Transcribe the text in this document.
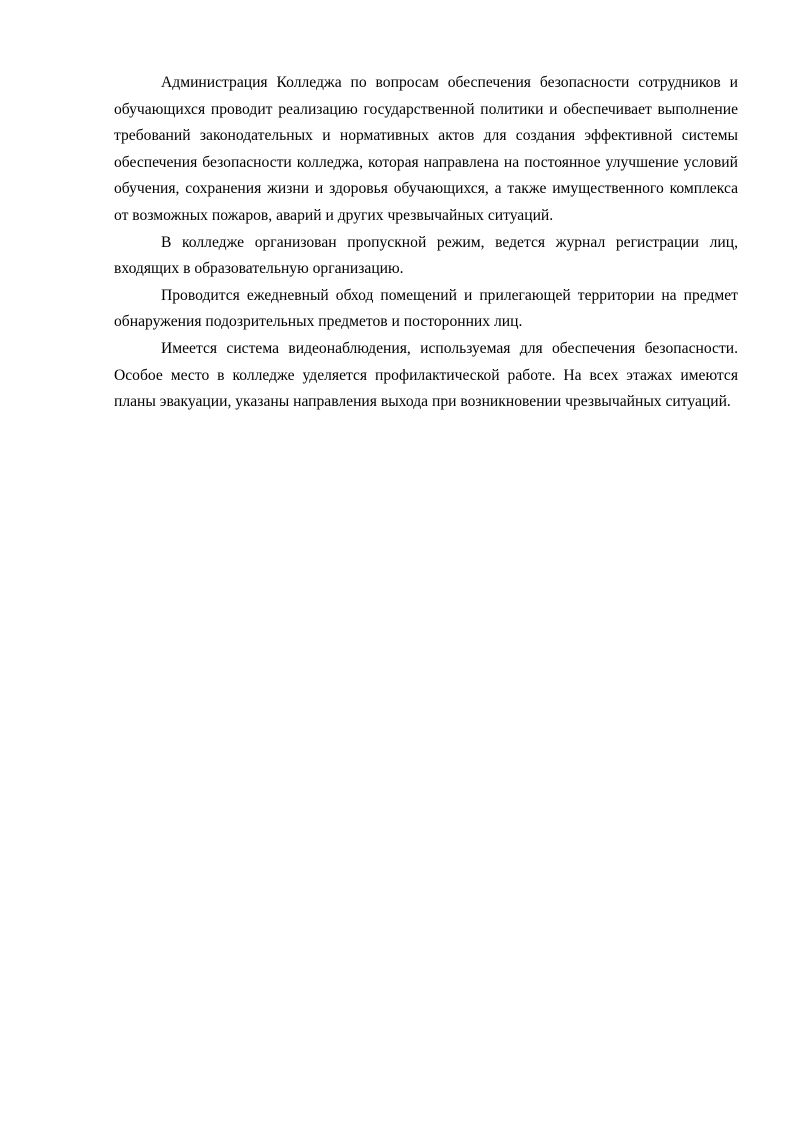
Администрация Колледжа по вопросам обеспечения безопасности сотрудников и обучающихся проводит реализацию государственной политики и обеспечивает выполнение требований законодательных и нормативных актов для создания эффективной системы обеспечения безопасности колледжа, которая направлена на постоянное улучшение условий обучения, сохранения жизни и здоровья обучающихся, а также имущественного комплекса от возможных пожаров, аварий и других чрезвычайных ситуаций.

В колледже организован пропускной режим, ведется журнал регистрации лиц, входящих в образовательную организацию.

Проводится ежедневный обход помещений и прилегающей территории на предмет обнаружения подозрительных предметов и посторонних лиц.

Имеется система видеонаблюдения, используемая для обеспечения безопасности. Особое место в колледже уделяется профилактической работе. На всех этажах имеются планы эвакуации, указаны направления выхода при возникновении чрезвычайных ситуаций.
